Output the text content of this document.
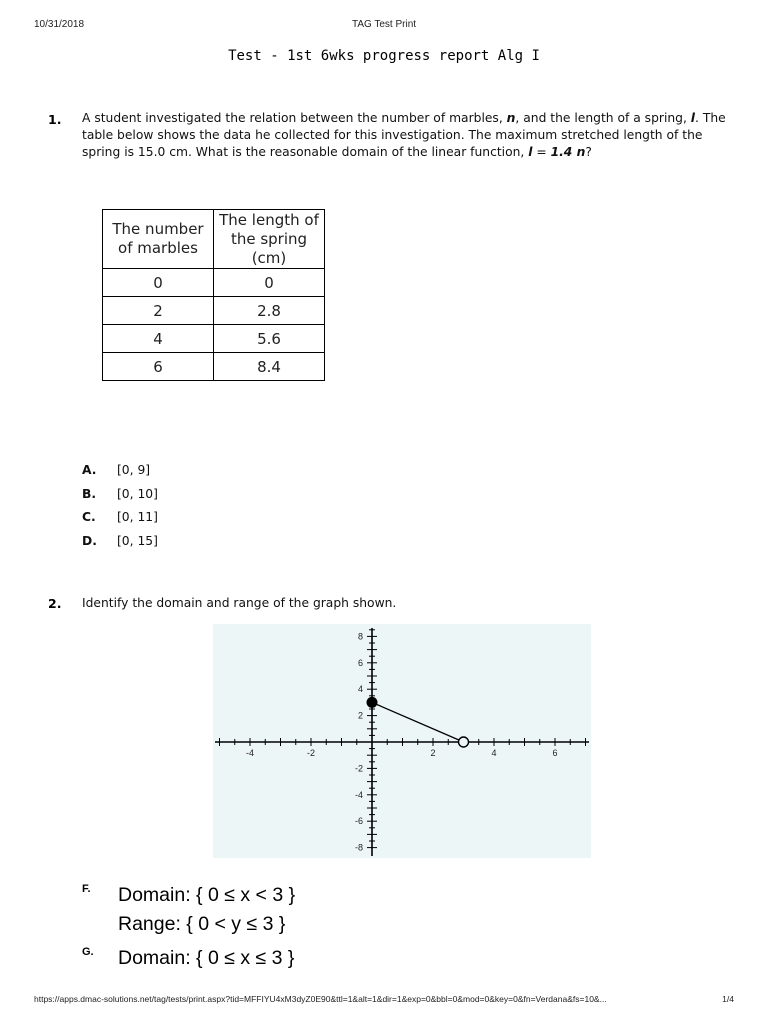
10/31/2018	TAG Test Print
Test - 1st 6wks progress report Alg I
1. A student investigated the relation between the number of marbles, n, and the length of a spring, l. The table below shows the data he collected for this investigation. The maximum stretched length of the spring is 15.0 cm. What is the reasonable domain of the linear function, l = 1.4 n?
The number of marbles	The length of the spring (cm)
0	0
2	2.8
4	5.6
6	8.4
A. [0, 9]
B. [0, 10]
C. [0, 11]
D. [0, 15]
2. Identify the domain and range of the graph shown.
-4	-2	2	4	6
8
6
4
2
-2
-4
-6
-8
F. Domain: { 0 ≤ x < 3 }
Range: { 0 < y ≤ 3 }
G. Domain: { 0 ≤ x ≤ 3 }
https://apps.dmac-solutions.net/tag/tests/print.aspx?tid=MFFIYU4xM3dyZ0E90&ttl=1&alt=1&dir=1&exp=0&bbl=0&mod=0&key=0&fn=Verdana&fs=10&...	1/4
